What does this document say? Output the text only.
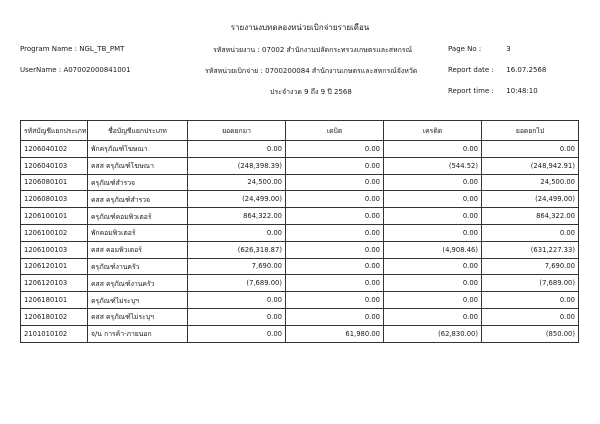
รายงานงบทดลองหน่วยเบิกจ่ายรายเดือน
Program Name : NGL_TB_PMT
UserName : A07002000841001
รหัสหน่วยงาน : 07002 สำนักงานปลัดกระทรวงเกษตรและสหกรณ์
รหัสหน่วยเบิกจ่าย : 0700200084 สำนักงานเกษตรและสหกรณ์จังหวัด
ประจำงวด 9 ถึง 9 ปี 2568
Page No :	3
Report date : 16.07.2568
Report time : 10:48:10
รหัสบัญชีแยกประเภท	ชื่อบัญชีแยกประเภท	ยอดยกมา	เดบิต	เครดิต	ยอดยกไป
1206040102	พักครุภัณฑ์โฆษณา	0.00	0.00	0.00	0.00
1206040103	คสส ครุภัณฑ์โฆษณา	(248,398.39)	0.00	(544.52)	(248,942.91)
1206080101	ครุภัณฑ์สำรวจ	24,500.00	0.00	0.00	24,500.00
1206080103	คสส ครุภัณฑ์สำรวจ	(24,499.00)	0.00	0.00	(24,499.00)
1206100101	ครุภัณฑ์คอมพิวเตอร์	864,322.00	0.00	0.00	864,322.00
1206100102	พักคอมพิวเตอร์	0.00	0.00	0.00	0.00
1206100103	คสส คอมพิวเตอร์	(626,318.87)	0.00	(4,908.46)	(631,227.33)
1206120101	ครุภัณฑ์งานครัว	7,690.00	0.00	0.00	7,690.00
1206120103	คสส ครุภัณฑ์งานครัว	(7,689.00)	0.00	0.00	(7,689.00)
1206180101	ครุภัณฑ์ไม่ระบุฯ	0.00	0.00	0.00	0.00
1206180102	คสส ครุภัณฑ์ไม่ระบุฯ	0.00	0.00	0.00	0.00
2101010102	จ/น การค้า-ภายนอก	0.00	61,980.00	(62,830.00)	(850.00)
